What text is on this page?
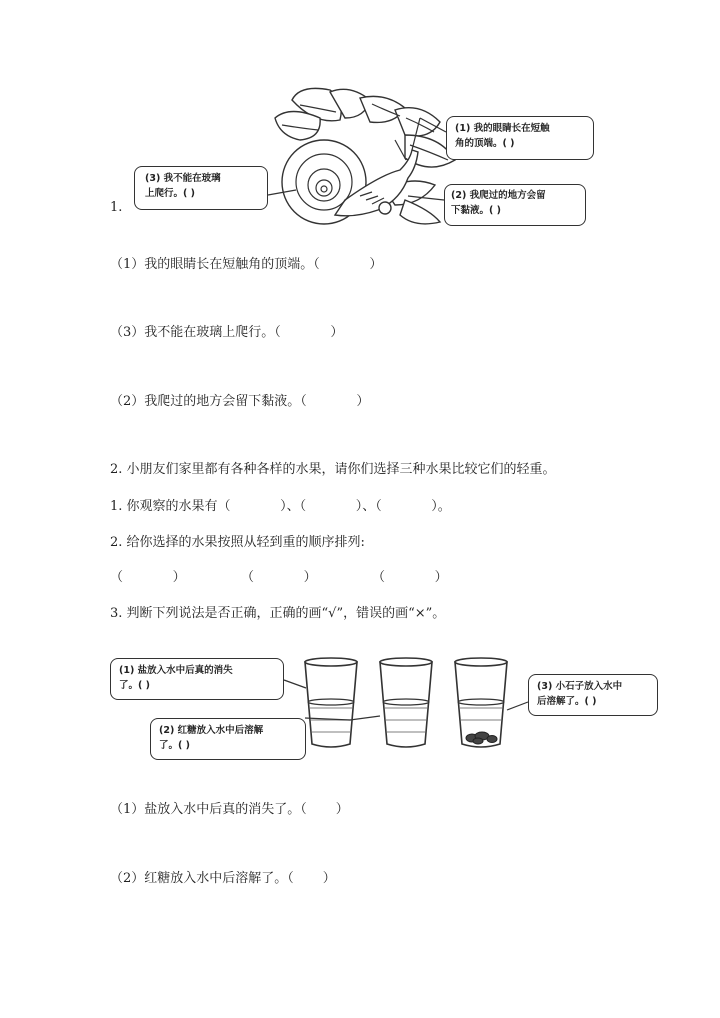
(1) 我的眼睛长在短触
角的顶端。( )
(2) 我爬过的地方会留
下黏液。( )
(3) 我不能在玻璃
上爬行。( )
1.
（1）我的眼睛长在短触角的顶端。（            ）
（3）我不能在玻璃上爬行。（            ）
（2）我爬过的地方会留下黏液。（            ）
2. 小朋友们家里都有各种各样的水果，请你们选择三种水果比较它们的轻重。
1. 你观察的水果有（            ）、（            ）、（            ）。
2. 给你选择的水果按照从轻到重的顺序排列:
（            ）	（            ）	（            ）
3. 判断下列说法是否正确，正确的画“√”，错误的画“×”。
(1) 盐放入水中后真的消失
了。( )
(2) 红糖放入水中后溶解
了。( )
(3) 小石子放入水中
后溶解了。( )
（1）盐放入水中后真的消失了。（       ）
（2）红糖放入水中后溶解了。（       ）
